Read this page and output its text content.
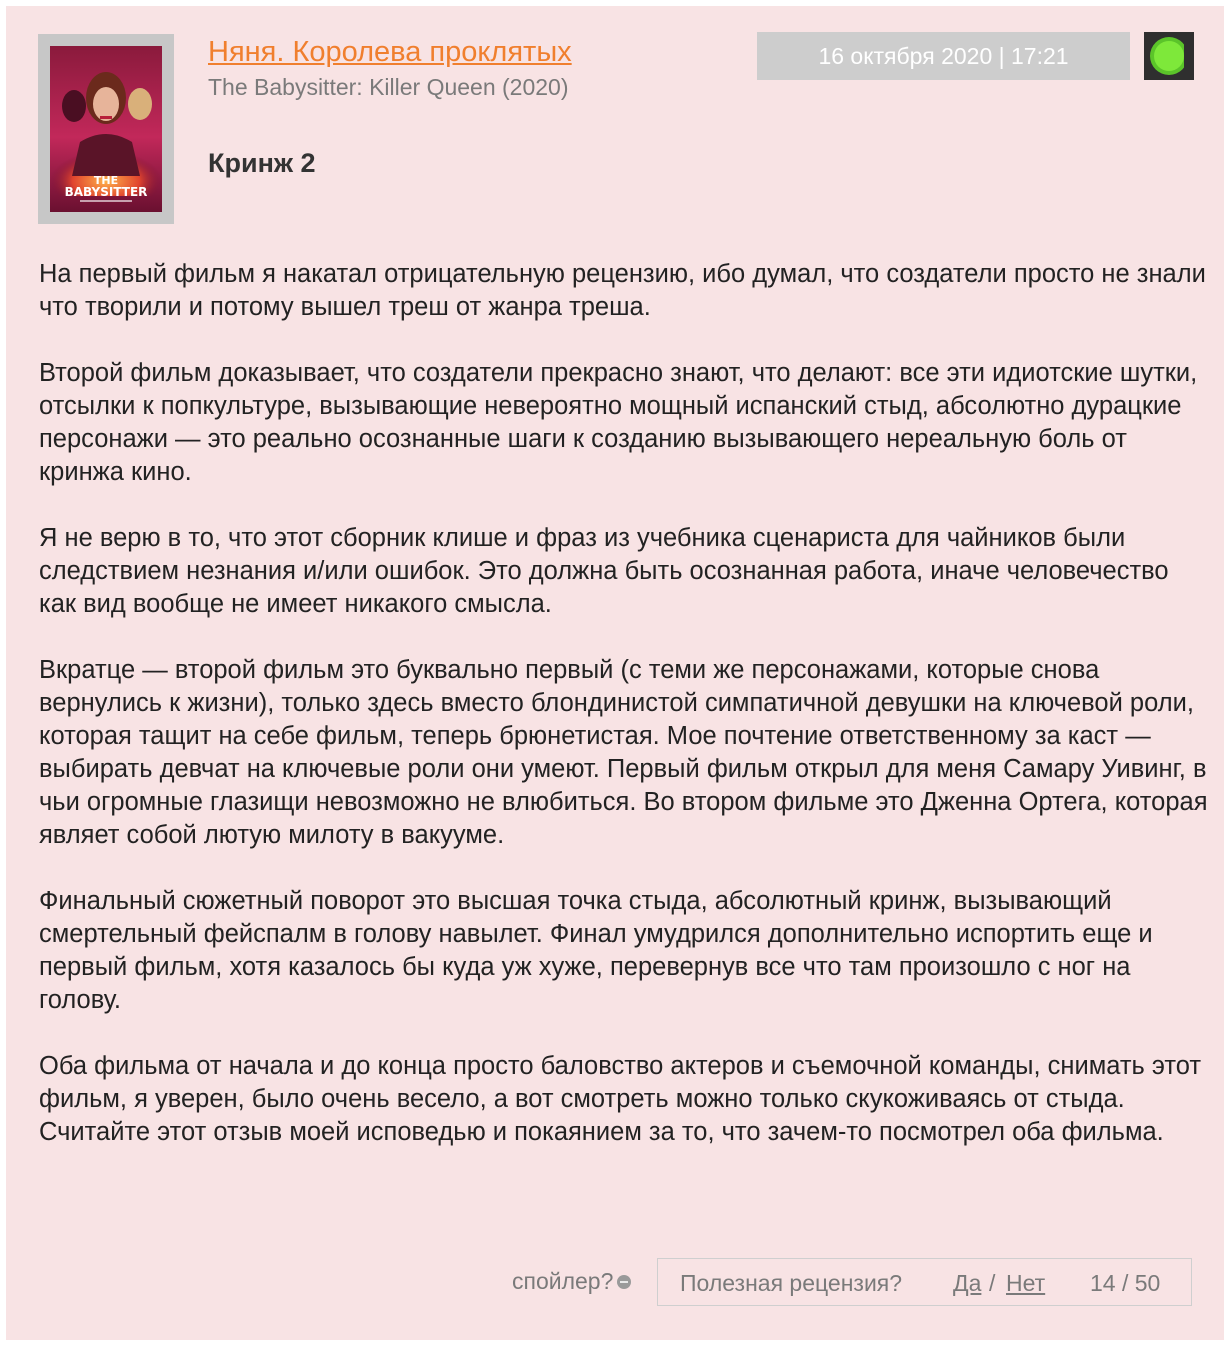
THE
BABYSITTER
Няня. Королева проклятых
The Babysitter: Killer Queen (2020)
16 октября 2020 | 17:21
Кринж 2

На первый фильм я накатал отрицательную рецензию, ибо думал, что создатели просто не знали что творили и потому вышел треш от жанра треша.

Второй фильм доказывает, что создатели прекрасно знают, что делают: все эти идиотские шутки, отсылки к попкультуре, вызывающие невероятно мощный испанский стыд, абсолютно дурацкие персонажи — это реально осознанные шаги к созданию вызывающего нереальную боль от кринжа кино.

Я не верю в то, что этот сборник клише и фраз из учебника сценариста для чайников были следствием незнания и/или ошибок. Это должна быть осознанная работа, иначе человечество как вид вообще не имеет никакого смысла.

Вкратце — второй фильм это буквально первый (с теми же персонажами, которые снова вернулись к жизни), только здесь вместо блондинистой симпатичной девушки на ключевой роли, которая тащит на себе фильм, теперь брюнетистая. Мое почтение ответственному за каст — выбирать девчат на ключевые роли они умеют. Первый фильм открыл для меня Самару Уивинг, в чьи огромные глазищи невозможно не влюбиться. Во втором фильме это Дженна Ортега, которая являет собой лютую милоту в вакууме.

Финальный сюжетный поворот это высшая точка стыда, абсолютный кринж, вызывающий смертельный фейспалм в голову навылет. Финал умудрился дополнительно испортить еще и первый фильм, хотя казалось бы куда уж хуже, перевернув все что там произошло с ног на голову.

Оба фильма от начала и до конца просто баловство актеров и съемочной команды, снимать этот фильм, я уверен, было очень весело, а вот смотреть можно только скукоживаясь от стыда. Считайте этот отзыв моей исповедью и покаянием за то, что зачем-то посмотрел оба фильма.

спойлер?	Полезная рецензия? Да / Нет 14 / 50
